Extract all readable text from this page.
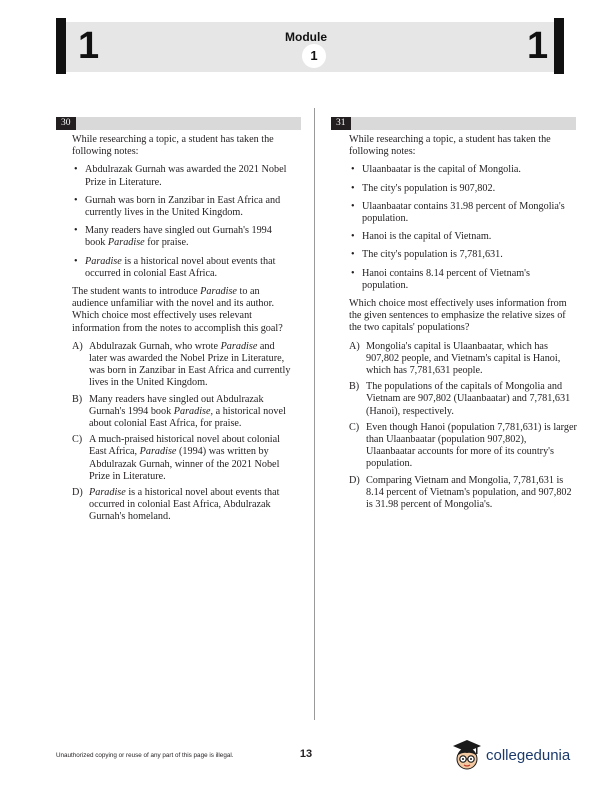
1	1
Module
1
30

While researching a topic, a student has taken the following notes:

• Abdulrazak Gurnah was awarded the 2021 Nobel Prize in Literature.
• Gurnah was born in Zanzibar in East Africa and currently lives in the United Kingdom.
• Many readers have singled out Gurnah's 1994 book Paradise for praise.
• Paradise is a historical novel about events that occurred in colonial East Africa.

The student wants to introduce Paradise to an audience unfamiliar with the novel and its author. Which choice most effectively uses relevant information from the notes to accomplish this goal?

A) Abdulrazak Gurnah, who wrote Paradise and later was awarded the Nobel Prize in Literature, was born in Zanzibar in East Africa and currently lives in the United Kingdom.
B) Many readers have singled out Abdulrazak Gurnah's 1994 book Paradise, a historical novel about colonial East Africa, for praise.
C) A much-praised historical novel about colonial East Africa, Paradise (1994) was written by Abdulrazak Gurnah, winner of the 2021 Nobel Prize in Literature.
D) Paradise is a historical novel about events that occurred in colonial East Africa, Abdulrazak Gurnah's homeland.
31

While researching a topic, a student has taken the following notes:

• Ulaanbaatar is the capital of Mongolia.
• The city's population is 907,802.
• Ulaanbaatar contains 31.98 percent of Mongolia's population.
• Hanoi is the capital of Vietnam.
• The city's population is 7,781,631.
• Hanoi contains 8.14 percent of Vietnam's population.

Which choice most effectively uses information from the given sentences to emphasize the relative sizes of the two capitals' populations?

A) Mongolia's capital is Ulaanbaatar, which has 907,802 people, and Vietnam's capital is Hanoi, which has 7,781,631 people.
B) The populations of the capitals of Mongolia and Vietnam are 907,802 (Ulaanbaatar) and 7,781,631 (Hanoi), respectively.
C) Even though Hanoi (population 7,781,631) is larger than Ulaanbaatar (population 907,802), Ulaanbaatar accounts for more of its country's population.
D) Comparing Vietnam and Mongolia, 7,781,631 is 8.14 percent of Vietnam's population, and 907,802 is 31.98 percent of Mongolia's.
Unauthorized copying or reuse of any part of this page is illegal.	13	collegedunia
